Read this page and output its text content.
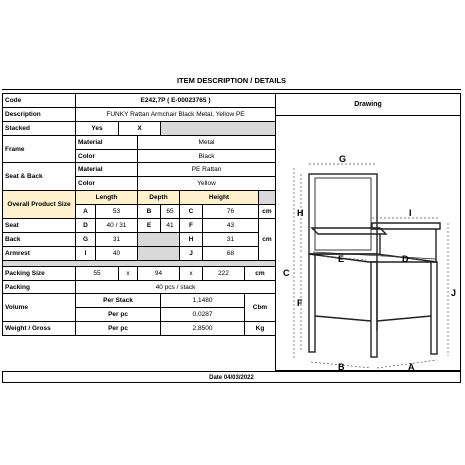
ITEM DESCRIPTION / DETAILS
Code	E242,7P ( E-00023765 )								
Description	FUNKY Rattan Armchair Black Metal, Yellow PE								
Stacked	Yes		X						
Frame	Material			Metal					
	Color			Black					
Seat & Back	Material			PE Rattan					
	Color			Yellow					
Overall Product Size	Length			Depth		Height			
	A	53		B	65	C	76		cm
Seat	D	40 / 31		E	41	F	43		cm
Back	G	31				H	31		
Armrest	I	40				J	68		

Packing Size	55		x	94		x	222	cm	
Packing	40 pcs / stack								
Volume	Per Stack				1,1480			Cbm	
	Per pc				0,0287				
Weight / Gross	Per pc				2,8500			Kg	
Drawing
G
C
H
F
I
J
E	D
B	A
Date 04/03/2022
